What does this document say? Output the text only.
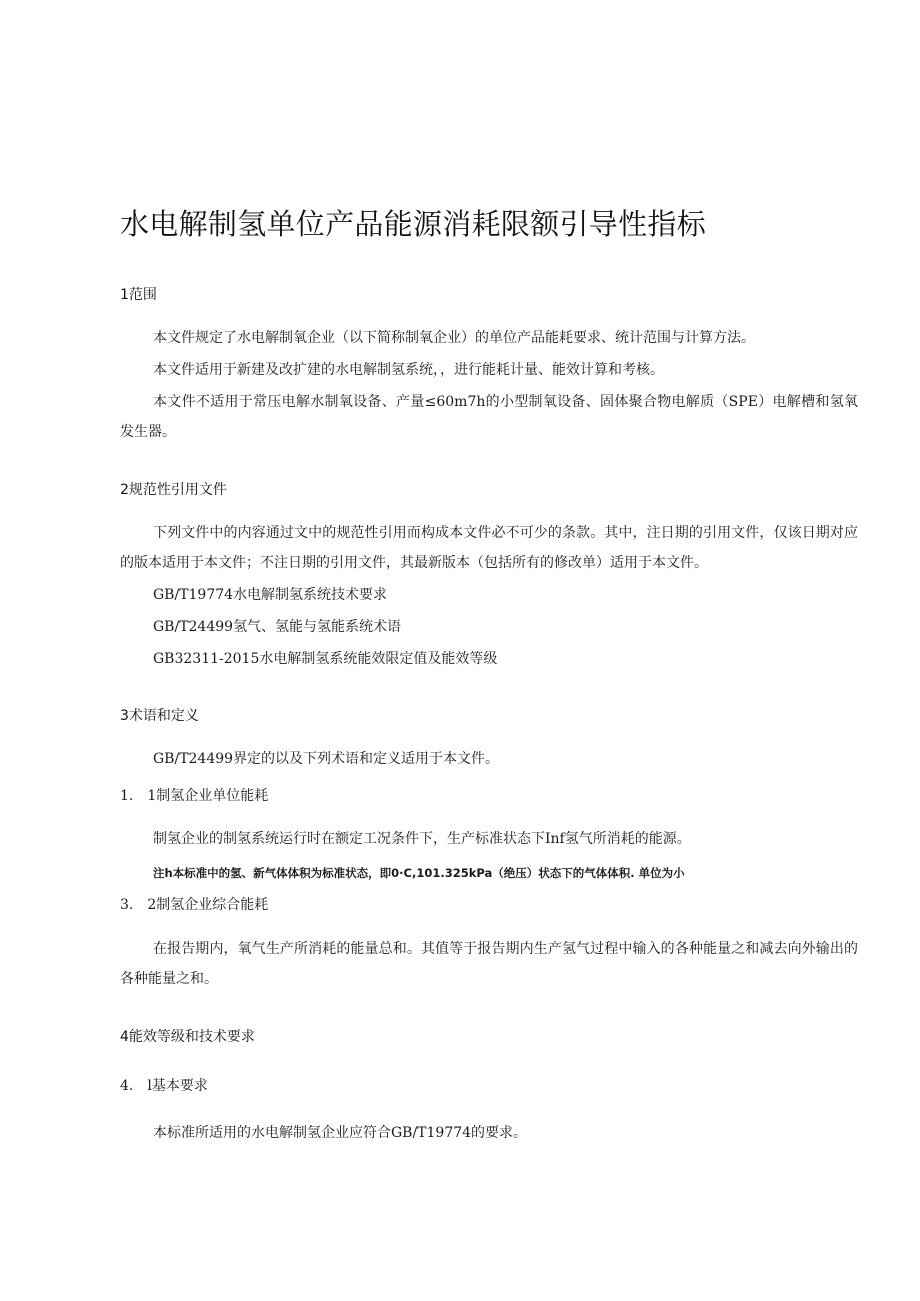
水电解制氢单位产品能源消耗限额引导性指标
1范围
本文件规定了水电解制氧企业（以下简称制氧企业）的单位产品能耗要求、统计范围与计算方法。
本文件适用于新建及改扩建的水电解制氢系统，，进行能耗计量、能效计算和考核。
本文件不适用于常压电解水制氧设备、产量≤60m7h的小型制氧设备、固体聚合物电解质（SPE）电解槽和氢氧发生器。
2规范性引用文件
下列文件中的内容通过文中的规范性引用而构成本文件必不可少的条款。其中，注日期的引用文件，仅该日期对应的版本适用于本文件；不注日期的引用文件，其最新版本（包括所有的修改单）适用于本文件。
GB/T19774水电解制氢系统技术要求
GB/T24499氢气、氢能与氢能系统术语
GB32311-2015水电解制氢系统能效限定值及能效等级
3术语和定义
GB/T24499界定的以及下列术语和定义适用于本文件。
1.　1制氢企业单位能耗
制氢企业的制氢系统运行时在额定工况条件下，生产标准状态下Inf氢气所消耗的能源。
注h本标准中的氢、新气体体积为标准状态，即0·C,101.325kPa（绝压）状态下的气体体积. 单位为小
3.　2制氢企业综合能耗
在报告期内，氧气生产所消耗的能量总和。其值等于报告期内生产氢气过程中输入的各种能量之和减去向外输出的各种能量之和。
4能效等级和技术要求
4.　l基本要求
本标准所适用的水电解制氢企业应符合GB/T19774的要求。
